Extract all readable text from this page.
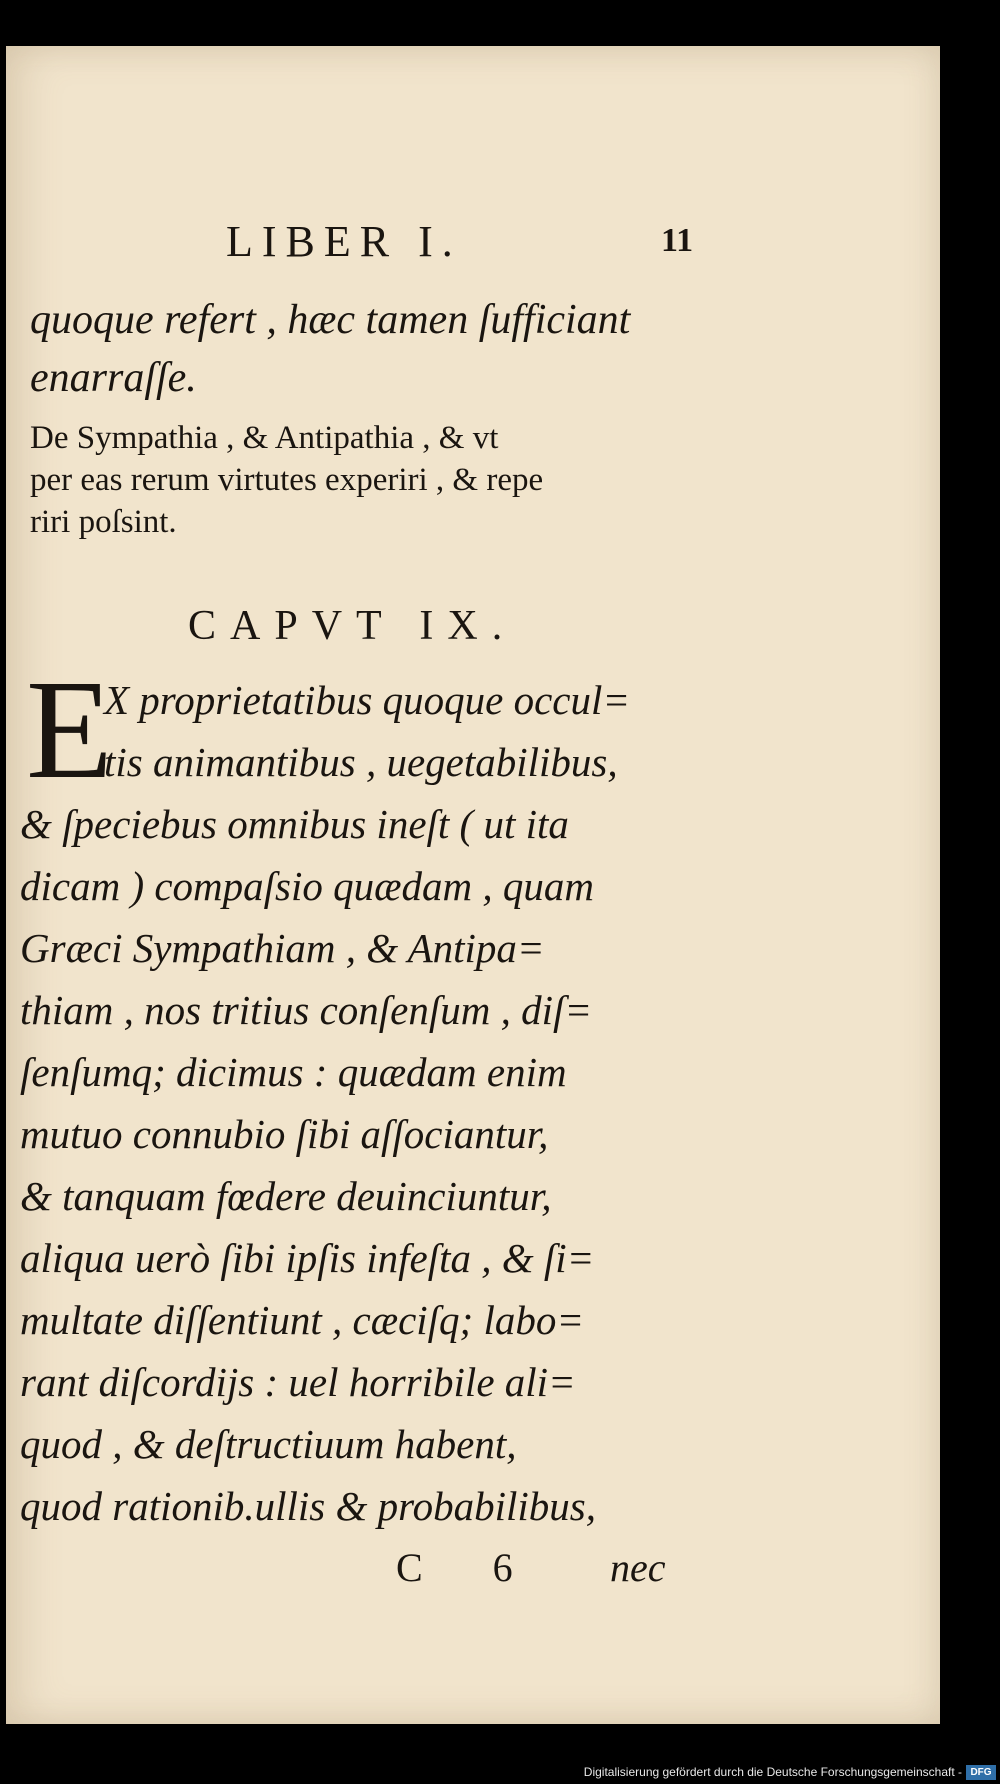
LIBER I.	11
quoque refert , hæc tamen ſufficiant
enarraſſe.
De Sympathia , & Antipathia , & vt
per eas rerum virtutes experiri , & repe
riri poſsint.
CAPVT IX.
E
X proprietatibus quoque occul=
tis animantibus , uegetabilibus,
& ſpeciebus omnibus ineſt ( ut ita
dicam ) compaſsio quædam , quam
Græci Sympathiam , & Antipa=
thiam , nos tritius conſenſum , diſ=
ſenſumq; dicimus : quædam enim
mutuo connubio ſibi aſſociantur,
& tanquam fœdere deuinciuntur,
aliqua uerò ſibi ipſis infeſta , & ſi=
multate diſſentiunt , cæciſq; labo=
rant diſcordijs : uel horribile ali=
quod , & deſtructiuum habent,
quod rationib.ullis & probabilibus,
C 6 nec
Digitalisierung gefördert durch die Deutsche Forschungsgemeinschaft - DFG
